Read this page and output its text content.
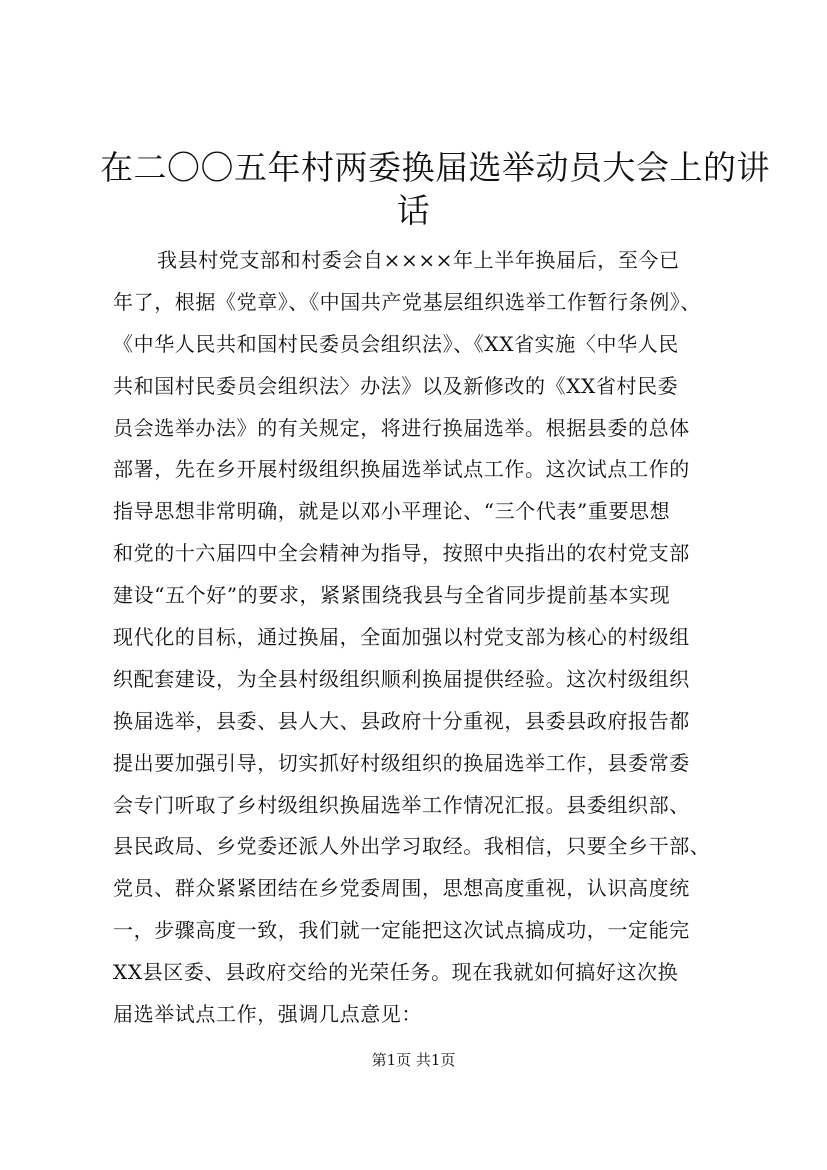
在二〇〇五年村两委换届选举动员大会上的讲
话
我县村党支部和村委会自××××年上半年换届后，至今已
年了，根据《党章》、《中国共产党基层组织选举工作暂行条例》、
《中华人民共和国村民委员会组织法》、《XX省实施〈中华人民
共和国村民委员会组织法〉办法》以及新修改的《XX省村民委
员会选举办法》的有关规定，将进行换届选举。根据县委的总体
部署，先在乡开展村级组织换届选举试点工作。这次试点工作的
指导思想非常明确，就是以邓小平理论、“三个代表”重要思想
和党的十六届四中全会精神为指导，按照中央指出的农村党支部
建设“五个好”的要求，紧紧围绕我县与全省同步提前基本实现
现代化的目标，通过换届，全面加强以村党支部为核心的村级组
织配套建设，为全县村级组织顺利换届提供经验。这次村级组织
换届选举，县委、县人大、县政府十分重视，县委县政府报告都
提出要加强引导，切实抓好村级组织的换届选举工作，县委常委
会专门听取了乡村级组织换届选举工作情况汇报。县委组织部、
县民政局、乡党委还派人外出学习取经。我相信，只要全乡干部、
党员、群众紧紧团结在乡党委周围，思想高度重视，认识高度统
一，步骤高度一致，我们就一定能把这次试点搞成功，一定能完
XX县区委、县政府交给的光荣任务。现在我就如何搞好这次换
届选举试点工作，强调几点意见：
第1页 共1页
